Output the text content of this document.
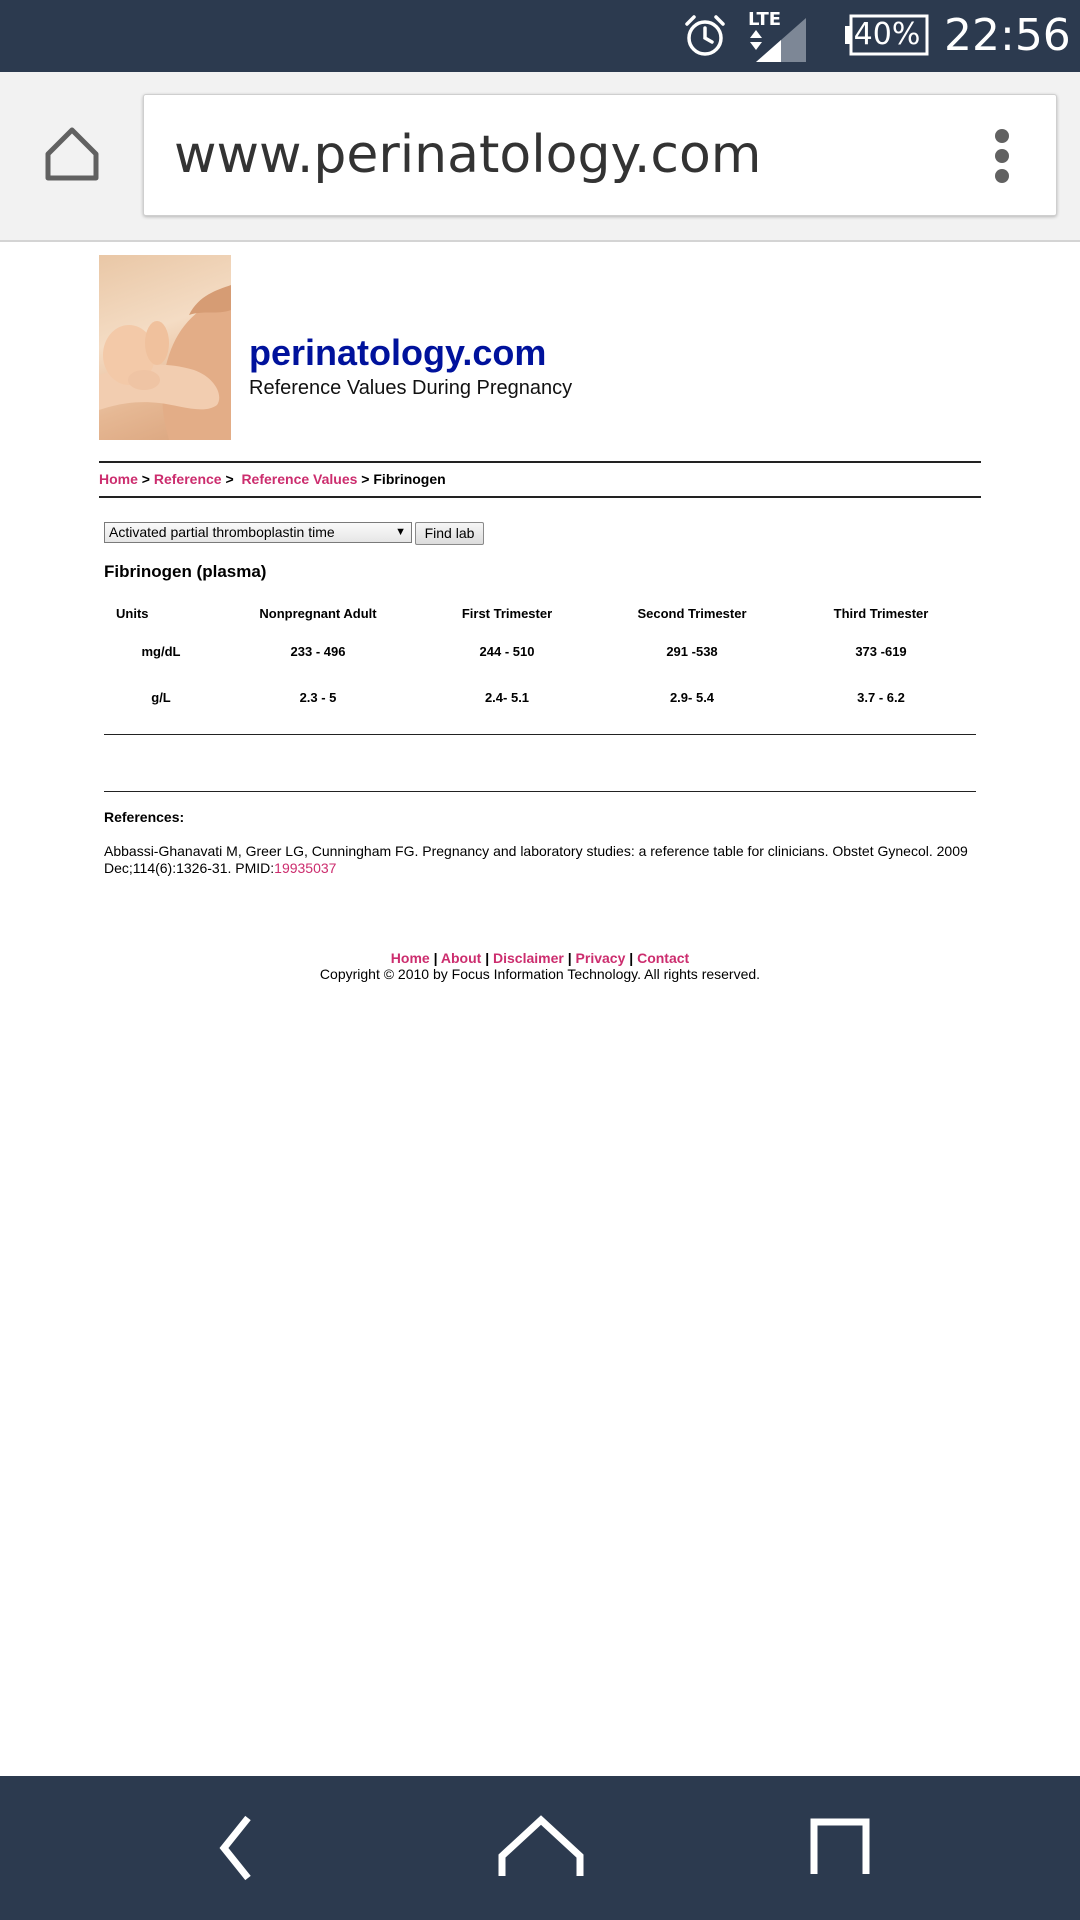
LTE 40% 22:56
www.perinatology.com
perinatology.com
Reference Values During Pregnancy
Home > Reference >  Reference Values > Fibrinogen
Activated partial thromboplastin time	▼	Find lab
Fibrinogen (plasma)
Units	Nonpregnant Adult	First Trimester	Second Trimester	Third Trimester
mg/dL	233 - 496	244 - 510	291 -538	373 -619
g/L	2.3 - 5	2.4- 5.1	2.9- 5.4	3.7 - 6.2
References:
Abbassi-Ghanavati M, Greer LG, Cunningham FG. Pregnancy and laboratory studies: a reference table for clinicians. Obstet Gynecol. 2009 Dec;114(6):1326-31. PMID:19935037
Home | About | Disclaimer | Privacy | Contact
Copyright © 2010 by Focus Information Technology. All rights reserved.
